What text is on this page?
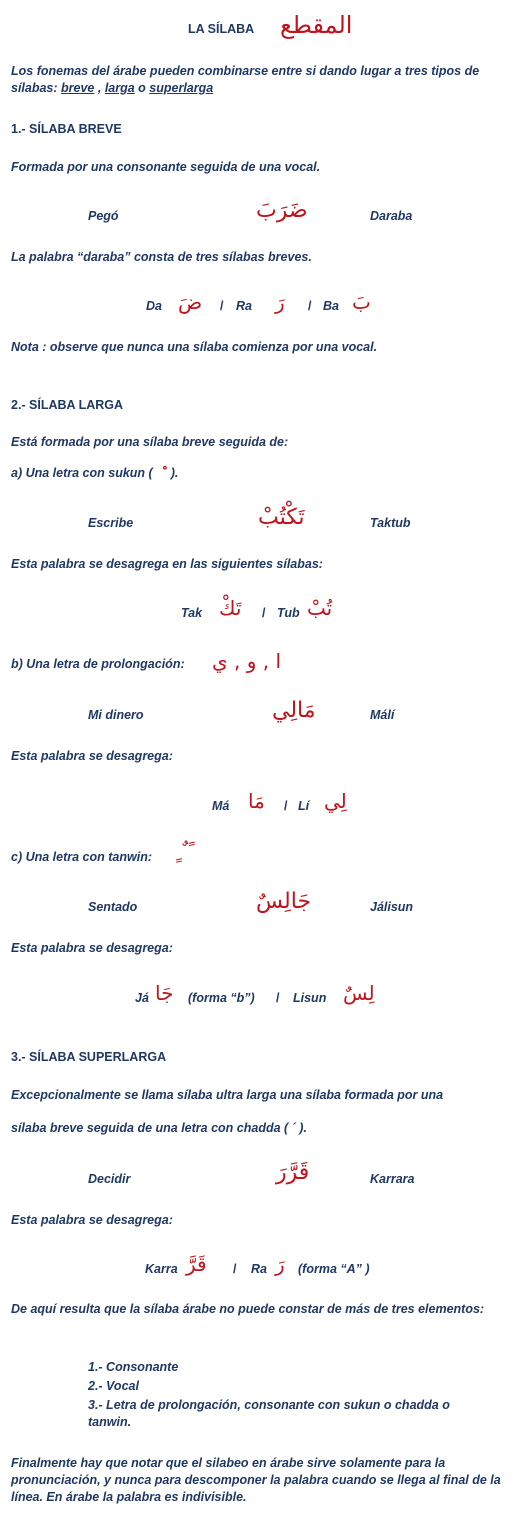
LA SÍLABA المقطع
Los fonemas del árabe pueden combinarse entre si dando lugar a tres tipos de sílabas: breve , larga o superlarga
1.- SÍLABA BREVE
Formada por una consonante seguida de una vocal.
Pegó	ضَرَبَ	Daraba
La palabra “daraba” consta de tres sílabas breves.
Da ضَ / Ra رَ / Ba بَ
Nota : observe que nunca una sílaba comienza por una vocal.
2.- SÍLABA LARGA
Está formada por una sílaba breve seguida de:
a) Una letra con sukun ( ).
Escribe	تَكْتُبْ	Taktub
Esta palabra se desagrega en las siguientes sílabas:
Tak تَكْ / Tub تُبْ
b) Una letra de prolongación: ا , و , ي
Mi dinero	مَالِي	Málí
Esta palabra se desagrega:
Má مَا / Lí لِي
c) Una letra con tanwin: ً ٌ ٍ
Sentado	جَالِسٌ	Jálisun
Esta palabra se desagrega:
Já جَا (forma “b”) / Lisun لِسٌ
3.- SÍLABA SUPERLARGA
Excepcionalmente se llama sílaba ultra larga una sílaba formada por una
sílaba breve seguida de una letra con chadda ( ´ ).
Decidir	قَرَّرَ	Karrara
Esta palabra se desagrega:
Karra قَرَّ / Ra رَ (forma “A” )
De aquí resulta que la sílaba árabe no puede constar de más de tres elementos:
1.- Consonante
2.- Vocal
3.- Letra de prolongación, consonante con sukun o chadda o tanwin.
Finalmente hay que notar que el silabeo en árabe sirve solamente para la pronunciación, y nunca para descomponer la palabra cuando se llega al final de la línea. En árabe la palabra es indivisible.
